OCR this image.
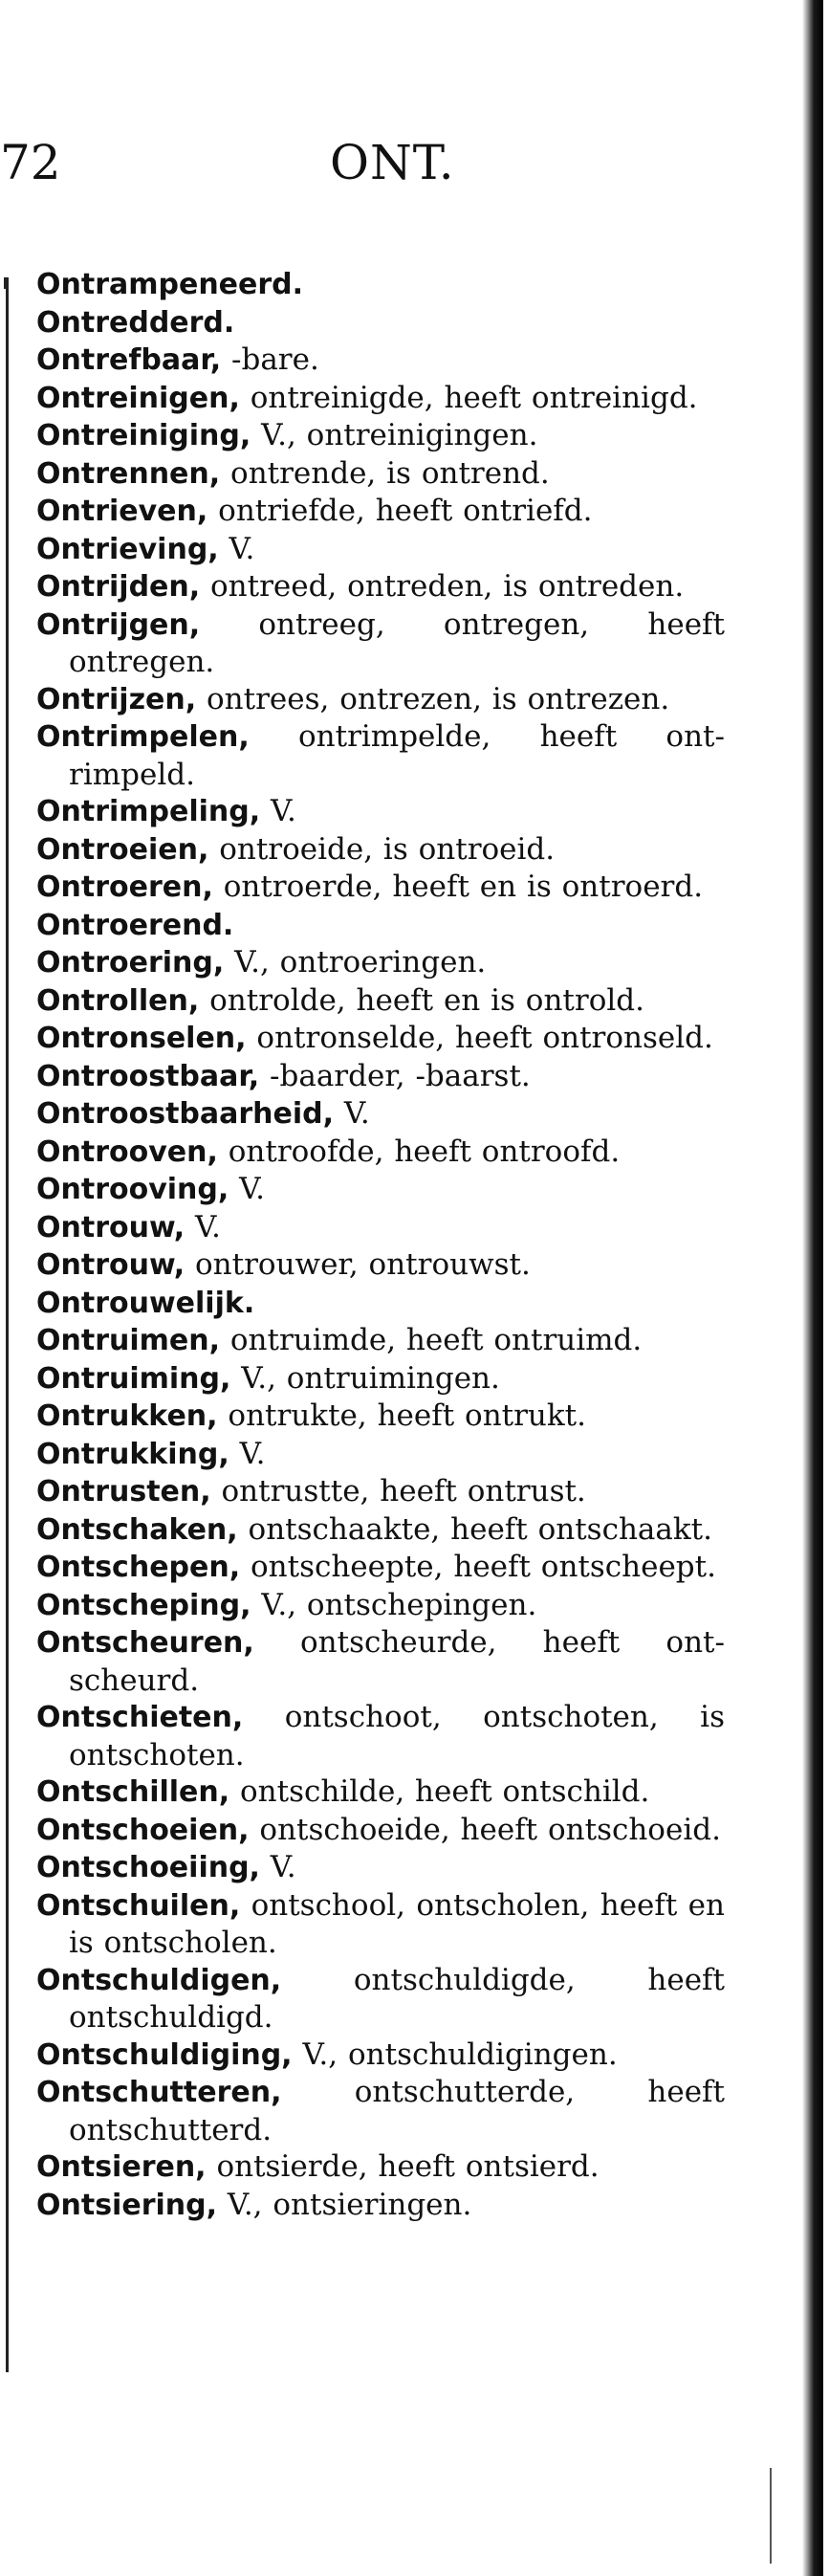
72	ONT.
Ontrampeneerd.
Ontredderd.
Ontrefbaar, -bare.
Ontreinigen, ontreinigde, heeft ontreinigd.
Ontreiniging, V., ontreinigingen.
Ontrennen, ontrende, is ontrend.
Ontrieven, ontriefde, heeft ontriefd.
Ontrieving, V.
Ontrijden, ontreed, ontreden, is ontreden.
Ontrijgen, ontreeg, ontregen, heeft ontregen.
Ontrijzen, ontrees, ontrezen, is ontrezen.
Ontrimpelen, ontrimpelde, heeft ontrimpeld.
Ontrimpeling, V.
Ontroeien, ontroeide, is ontroeid.
Ontroeren, ontroerde, heeft en is ontroerd.
Ontroerend.
Ontroering, V., ontroeringen.
Ontrollen, ontrolde, heeft en is ontrold.
Ontronselen, ontronselde, heeft ontronseld.
Ontroostbaar, -baarder, -baarst.
Ontroostbaarheid, V.
Ontrooven, ontroofde, heeft ontroofd.
Ontrooving, V.
Ontrouw, V.
Ontrouw, ontrouwer, ontrouwst.
Ontrouwelijk.
Ontruimen, ontruimde, heeft ontruimd.
Ontruiming, V., ontruimingen.
Ontrukken, ontrukte, heeft ontrukt.
Ontrukking, V.
Ontrusten, ontrustte, heeft ontrust.
Ontschaken, ontschaakte, heeft ontschaakt.
Ontschepen, ontscheepte, heeft ontscheept.
Ontscheping, V., ontschepingen.
Ontscheuren, ontscheurde, heeft ontscheurd.
Ontschieten, ontschoot, ontschoten, is ontschoten.
Ontschillen, ontschilde, heeft ontschild.
Ontschoeien, ontschoeide, heeft ontschoeid.
Ontschoeiing, V.
Ontschuilen, ontschool, ontscholen, heeft en is ontscholen.
Ontschuldigen, ontschuldigde, heeft ontschuldigd.
Ontschuldiging, V., ontschuldigingen.
Ontschutteren, ontschutterde, heeft ontschutterd.
Ontsieren, ontsierde, heeft ontsierd.
Ontsiering, V., ontsieringen.
